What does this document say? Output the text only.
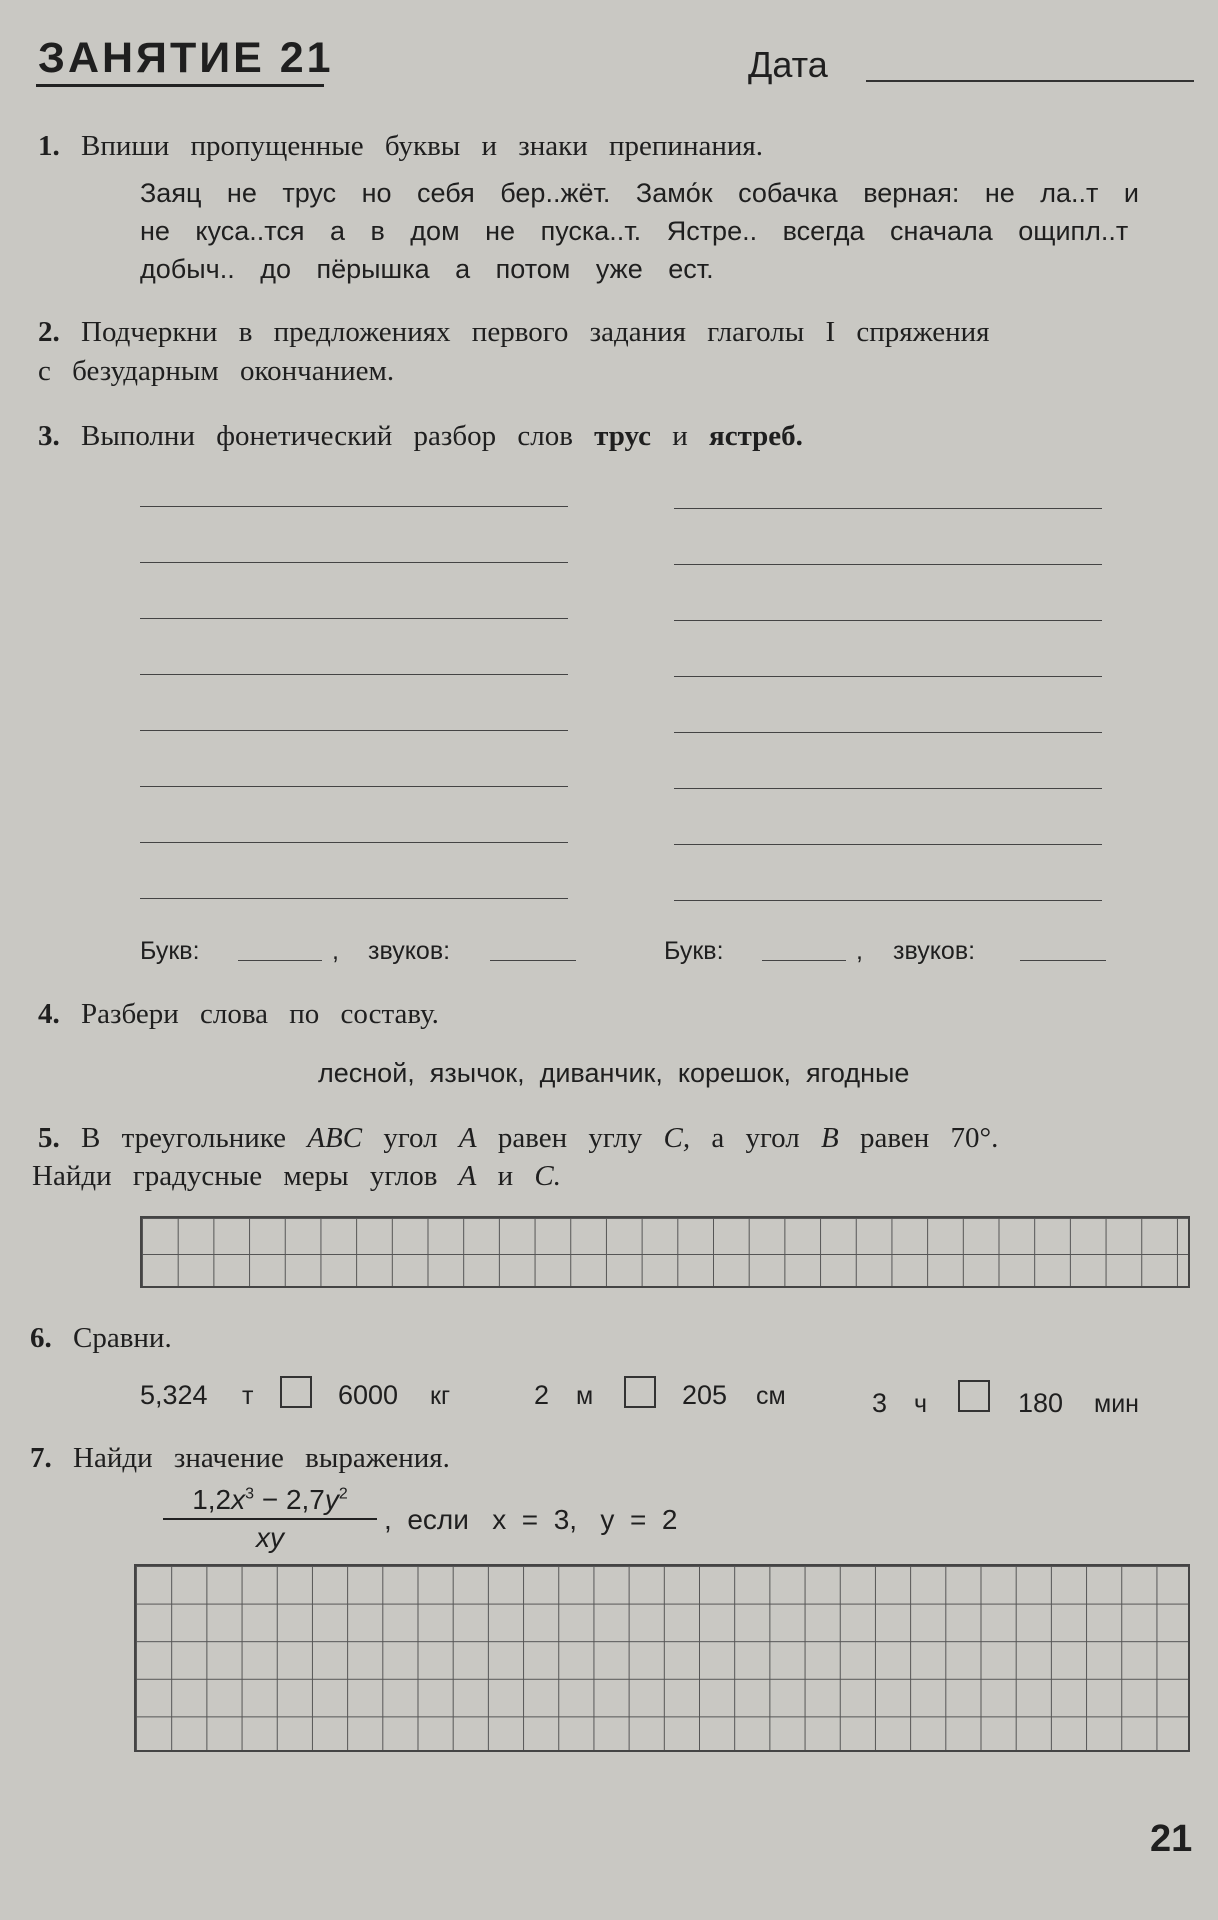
ЗАНЯТИЕ 21	Дата
1. Впиши пропущенные буквы и знаки препинания.
Заяц не трус но себя бер..жёт. Замо́к собачка верная: не ла..т и
не куса..тся а в дом не пуска..т. Ястре.. всегда сначала ощипл..т
добыч.. до пёрышка а потом уже ест.
2. Подчеркни в предложениях первого задания глаголы I спряжения
с безударным окончанием.
3. Выполни фонетический разбор слов трус и ястреб.
Букв:	, звуков:	Букв:	, звуков:
4. Разбери слова по составу.
лесной,  язычок,  диванчик,  корешок,  ягодные
5. В треугольнике ABC угол A равен углу C, а угол B равен 70°.
Найди градусные меры углов A и C.
6. Сравни.
5,324 т	6000 кг	2 м	205 см	3 ч	180 мин
7. Найди значение выражения.
$1,2x^3 - 2,7y^2$
xy
,  если   x  =  3,   y  =  2
21
